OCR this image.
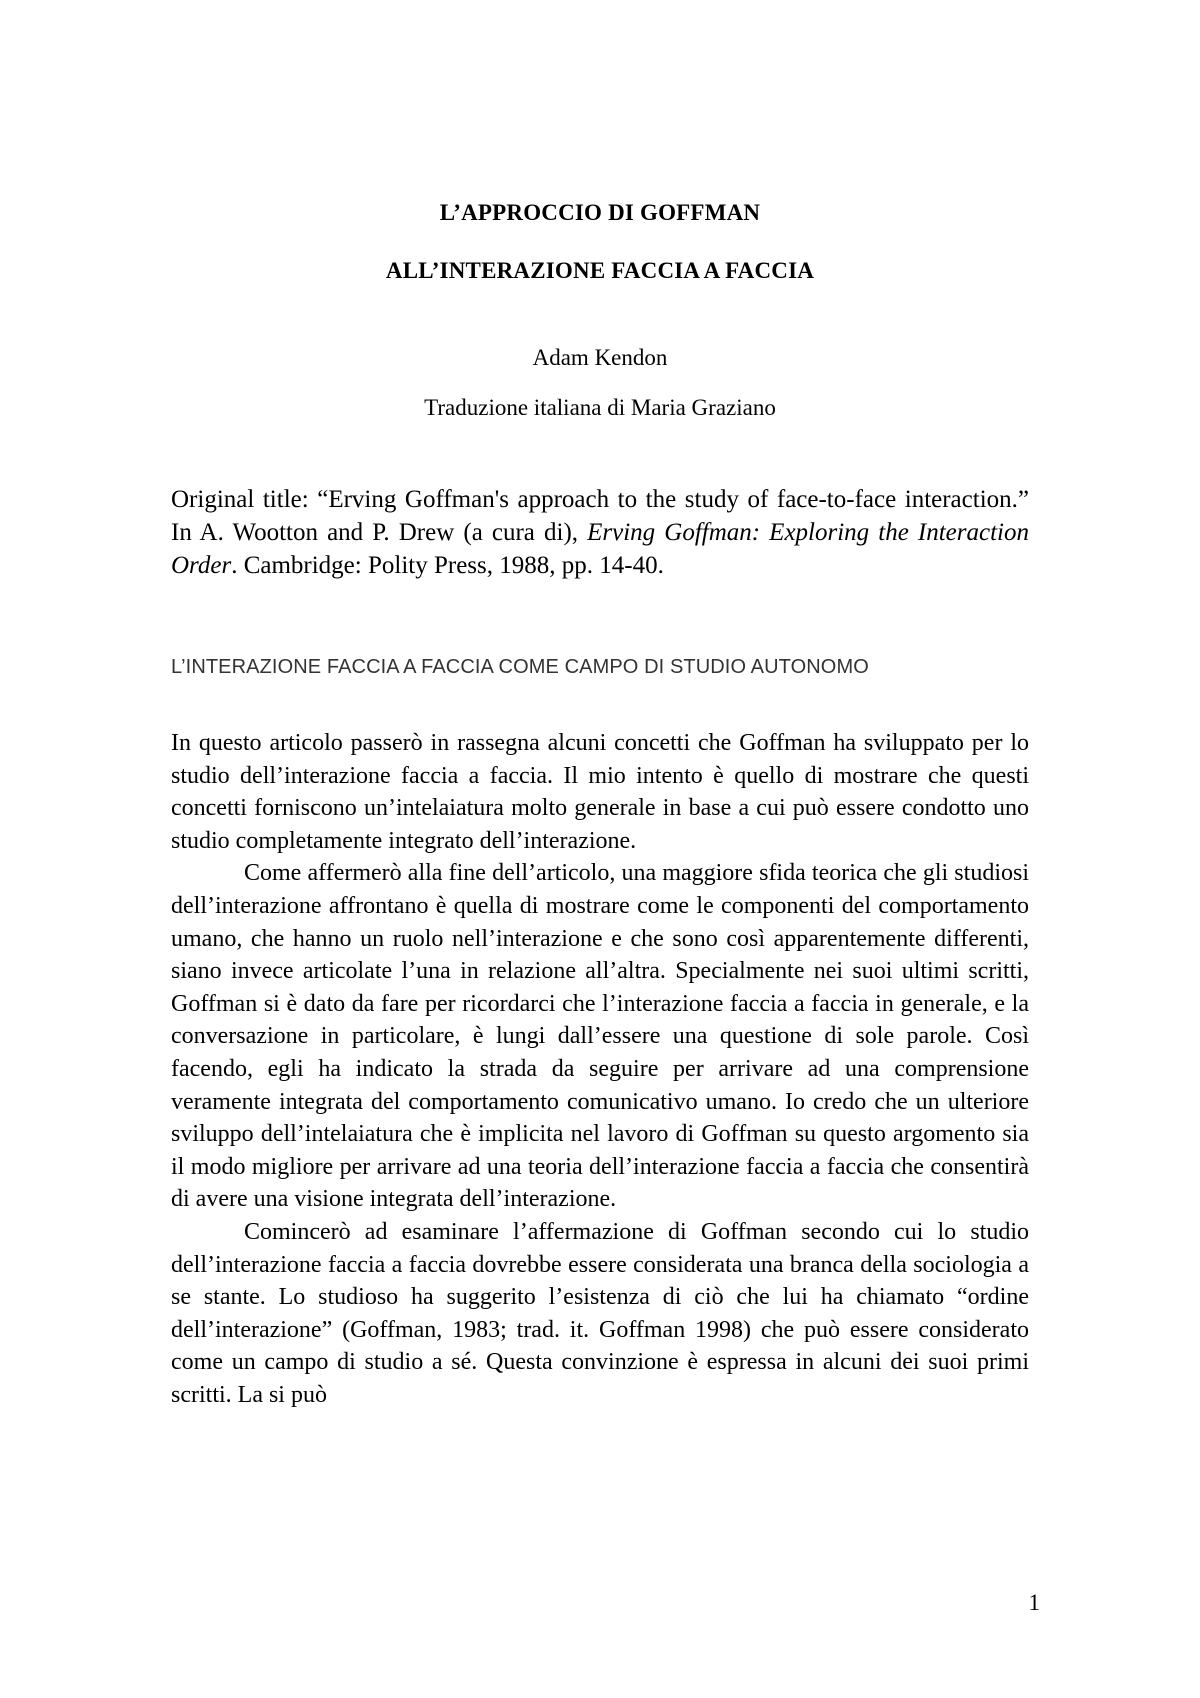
L’APPROCCIO DI GOFFMAN
ALL’INTERAZIONE FACCIA A FACCIA
Adam Kendon
Traduzione italiana di Maria Graziano
Original title: “Erving Goffman's approach to the study of face-to-face interaction.” In A. Wootton and P. Drew (a cura di), Erving Goffman: Exploring the Interaction Order. Cambridge: Polity Press, 1988, pp. 14-40.
L’INTERAZIONE FACCIA A FACCIA COME CAMPO DI STUDIO AUTONOMO

In questo articolo passerò in rassegna alcuni concetti che Goffman ha sviluppato per lo studio dell’interazione faccia a faccia. Il mio intento è quello di mostrare che questi concetti forniscono un’intelaiatura molto generale in base a cui può essere condotto uno studio completamente integrato dell’interazione.

Come affermerò alla fine dell’articolo, una maggiore sfida teorica che gli studiosi dell’interazione affrontano è quella di mostrare come le componenti del comportamento umano, che hanno un ruolo nell’interazione e che sono così apparentemente differenti, siano invece articolate l’una in relazione all’altra. Specialmente nei suoi ultimi scritti, Goffman si è dato da fare per ricordarci che l’interazione faccia a faccia in generale, e la conversazione in particolare, è lungi dall’essere una questione di sole parole. Così facendo, egli ha indicato la strada da seguire per arrivare ad una comprensione veramente integrata del comportamento comunicativo umano. Io credo che un ulteriore sviluppo dell’intelaiatura che è implicita nel lavoro di Goffman su questo argomento sia il modo migliore per arrivare ad una teoria dell’interazione faccia a faccia che consentirà di avere una visione integrata dell’interazione.

Comincerò ad esaminare l’affermazione di Goffman secondo cui lo studio dell’interazione faccia a faccia dovrebbe essere considerata una branca della sociologia a se stante. Lo studioso ha suggerito l’esistenza di ciò che lui ha chiamato “ordine dell’interazione” (Goffman, 1983; trad. it. Goffman 1998) che può essere considerato come un campo di studio a sé. Questa convinzione è espressa in alcuni dei suoi primi scritti. La si può

1
